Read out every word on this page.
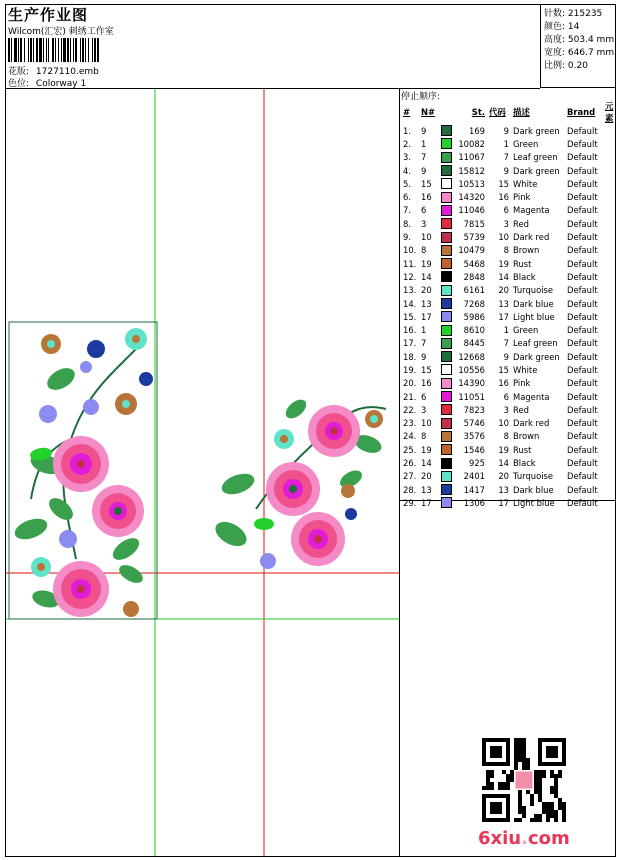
生产作业图
Wilcom(汇宏) 刺绣工作室
花版: 1727110.emb
色位: Colorway 1
针数: 215235
颜色: 14
高度: 503.4 mm
宽度: 646.7 mm
比例: 0.20
停止顺序:
#	N#		St.	代码	描述	Brand	元素
1.	9		169	9	Dark green	Default	
2.	1		10082	1	Green	Default	
3.	7		11067	7	Leaf green	Default	
4.	9		15812	9	Dark green	Default	
5.	15		10513	15	White	Default	
6.	16		14320	16	Pink	Default	
7.	6		11046	6	Magenta	Default	
8.	3		7815	3	Red	Default	
9.	10		5739	10	Dark red	Default	
10.	8		10479	8	Brown	Default	
11.	19		5468	19	Rust	Default	
12.	14		2848	14	Black	Default	
13.	20		6161	20	Turquoise	Default	
14.	13		7268	13	Dark blue	Default	
15.	17		5986	17	Light blue	Default	
16.	1		8610	1	Green	Default	
17.	7		8445	7	Leaf green	Default	
18.	9		12668	9	Dark green	Default	
19.	15		10556	15	White	Default	
20.	16		14390	16	Pink	Default	
21.	6		11051	6	Magenta	Default	
22.	3		7823	3	Red	Default	
23.	10		5746	10	Dark red	Default	
24.	8		3576	8	Brown	Default	
25.	19		1546	19	Rust	Default	
26.	14		925	14	Black	Default	
27.	20		2401	20	Turquoise	Default	
28.	13		1417	13	Dark blue	Default	
29.	17		1306	17	Light blue	Default	
6xiu.com
